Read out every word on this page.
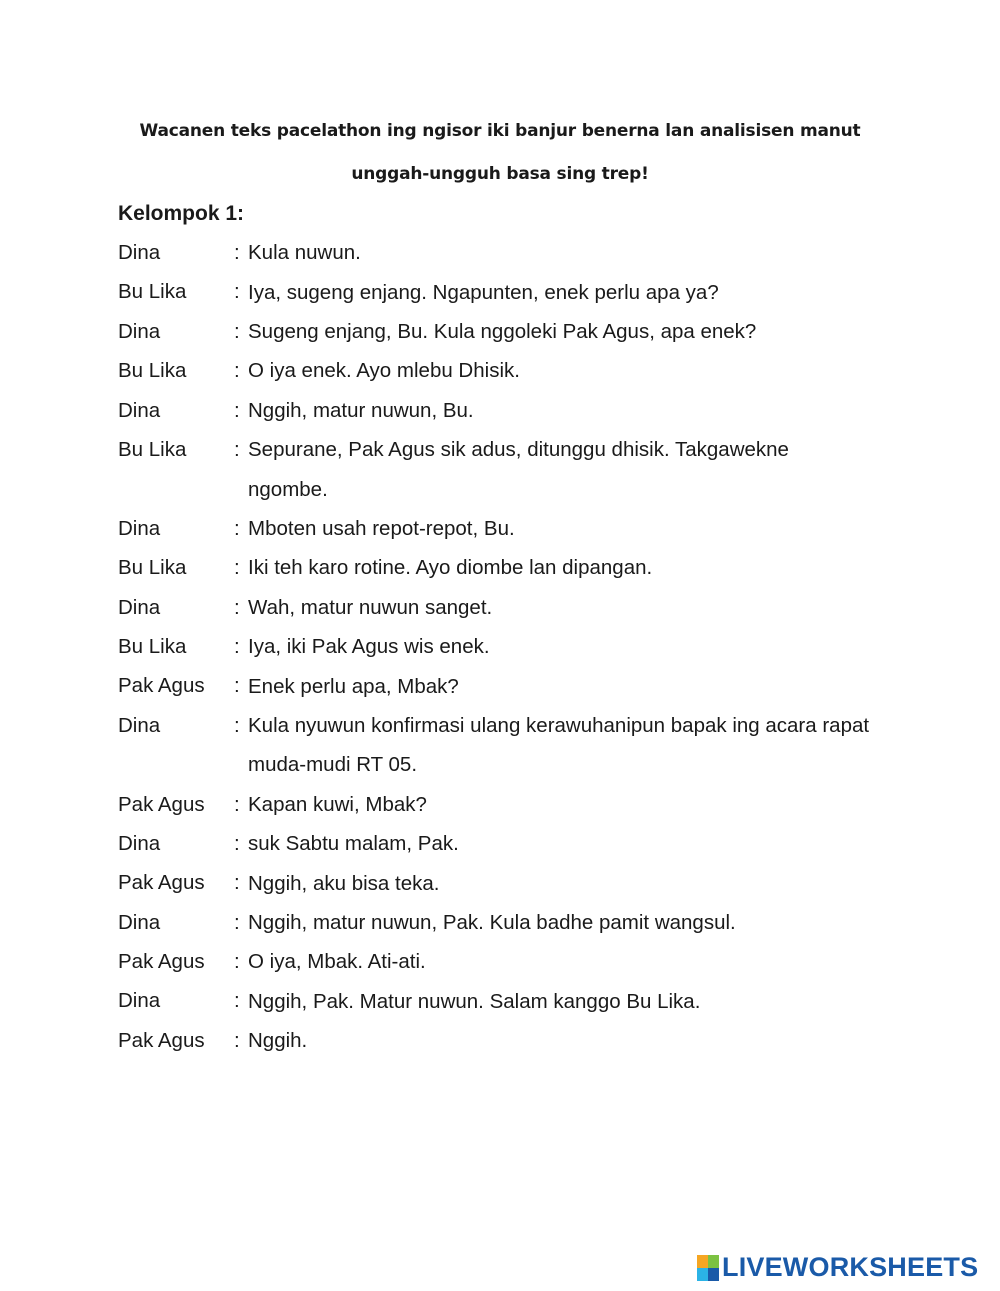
Wacanen teks pacelathon ing ngisor iki banjur benerna lan analisisen manut
unggah-ungguh basa sing trep!
Kelompok 1:
Dina	: Kula nuwun.
Bu Lika	: Iya, sugeng enjang. Ngapunten, enek perlu apa ya?
Dina	: Sugeng enjang, Bu. Kula nggoleki Pak Agus, apa enek?
Bu Lika	: O iya enek. Ayo mlebu Dhisik.
Dina	: Nggih, matur nuwun, Bu.
Bu Lika	: Sepurane, Pak Agus sik adus, ditunggu dhisik. Takgawekne ngombe.
Dina	: Mboten usah repot-repot, Bu.
Bu Lika	: Iki teh karo rotine. Ayo diombe lan dipangan.
Dina	: Wah, matur nuwun sanget.
Bu Lika	: Iya, iki Pak Agus wis enek.
Pak Agus	: Enek perlu apa, Mbak?
Dina	: Kula nyuwun konfirmasi ulang kerawuhanipun bapak ing acara rapat muda-mudi RT 05.
Pak Agus	: Kapan kuwi, Mbak?
Dina	: suk Sabtu malam, Pak.
Pak Agus	: Nggih, aku bisa teka.
Dina	: Nggih, matur nuwun, Pak. Kula badhe pamit wangsul.
Pak Agus	: O iya, Mbak. Ati-ati.
Dina	: Nggih, Pak. Matur nuwun. Salam kanggo Bu Lika.
Pak Agus	: Nggih.
LIVEWORKSHEETS
